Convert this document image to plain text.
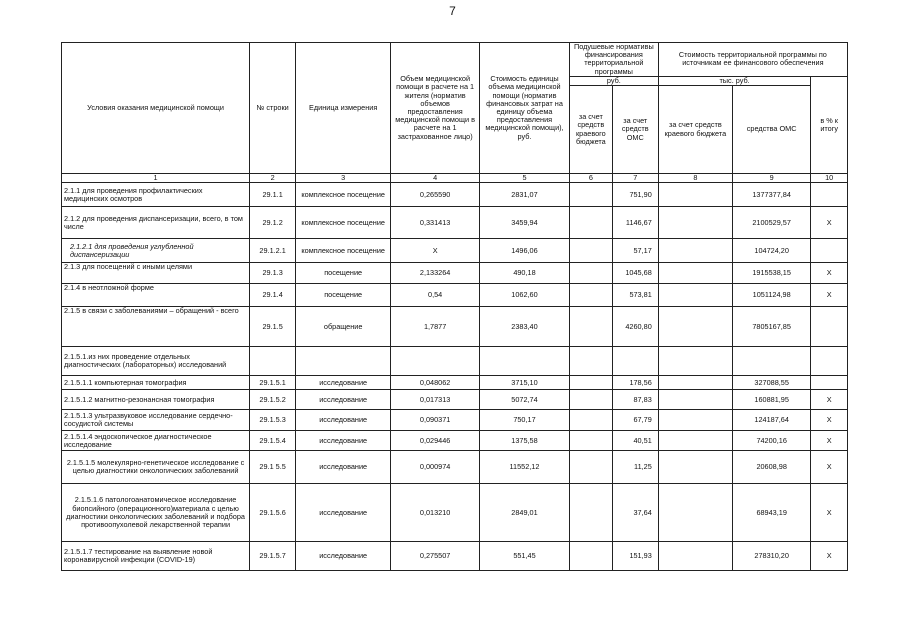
7
Условия оказания медицинской помощи	№ строки	Единица измерения	Объем медицинской помощи в расчете на 1 жителя (норматив объемов предоставления медицинской помощи в расчете на 1 застрахованное лицо)	Стоимость единицы объема медицинской помощи (норматив финансовых затрат на единицу объема предоставления медицинской помощи), руб.	Подушевые нормативы финансирования территориальной программы		Стоимость территориальной программы по источникам ее финансового обеспечения		
					руб.		тыс. руб.		в % к итогу
					за счет средств краевого бюджета	за счет средств ОМС	за счет средств краевого бюджета	средства ОМС	

1	2	3	4	5	6	7	8	9	10
2.1.1 для проведения профилактических медицинских осмотров	29.1.1	комплексное посещение	0,265590	2831,07		751,90		1377377,84	
2.1.2 для проведения диспансеризации, всего, в том числе	29.1.2	комплексное посещение	0,331413	3459,94		1146,67		2100529,57	X
2.1.2.1 для проведения углубленной диспансеризации	29.1.2.1	комплексное посещение	X	1496,06		57,17		104724,20	
2.1.3 для посещений с иными целями	29.1.3	посещение	2,133264	490,18		1045,68		1915538,15	X
2.1.4 в неотложной форме	29.1.4	посещение	0,54	1062,60		573,81		1051124,98	X
2.1.5 в связи с заболеваниями – обращений - всего	29.1.5	обращение	1,7877	2383,40		4260,80		7805167,85	
2.1.5.1.из них проведение отдельных диагностических (лабораторных) исследований									
2.1.5.1.1 компьютерная томография	29.1.5.1	исследование	0,048062	3715,10		178,56		327088,55	
2.1.5.1.2 магнитно-резонансная томография	29.1.5.2	исследование	0,017313	5072,74		87,83		160881,95	X
2.1.5.1.3 ультразвуковое исследование сердечно-сосудистой системы	29.1.5.3	исследование	0,090371	750,17		67,79		124187,64	X
2.1.5.1.4 эндоскопическое диагностическое исследование	29.1.5.4	исследование	0,029446	1375,58		40,51		74200,16	X
2.1.5.1.5 молекулярно-генетическое исследование с целью диагностики онкологических заболеваний	29.1 5.5	исследование	0,000974	11552,12		11,25		20608,98	X
2.1.5.1.6 патологоанатомическое исследование биопсийного (операционного)материала с целью диагностики онкологических заболеваний и подбора противоопухолевой лекарственной терапии	29.1.5.6	исследование	0,013210	2849,01		37,64		68943,19	X
2.1.5.1.7 тестирование на выявление новой коронавирусной инфекции (COVID-19)	29.1.5.7	исследование	0,275507	551,45		151,93		278310,20	X
